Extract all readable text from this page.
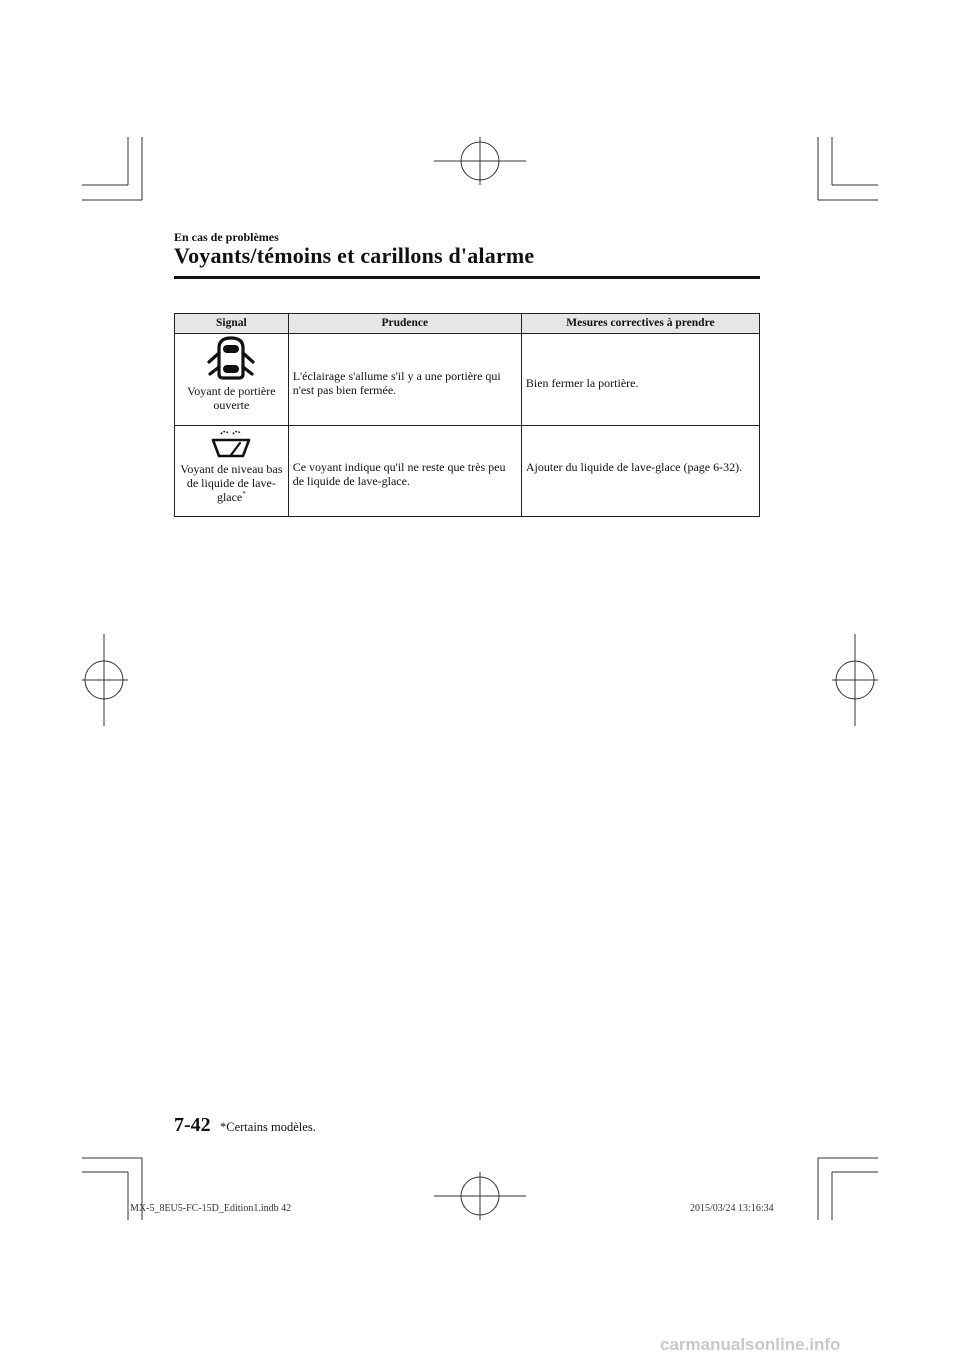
En cas de problèmes
Voyants/témoins et carillons d'alarme
Signal	Prudence	Mesures correctives à prendre

Voyant de portière ouverte	L'éclairage s'allume s'il y a une portière qui n'est pas bien fermée.	Bien fermer la portière.

Voyant de niveau bas de liquide de lave-glace*	Ce voyant indique qu'il ne reste que très peu de liquide de lave-glace.	Ajouter du liquide de lave-glace (page 6-32).
7-42 *Certains modèles.
MX-5_8EU5-FC-15D_Edition1.indb 42	2015/03/24 13:16:34
carmanualsonline.info
